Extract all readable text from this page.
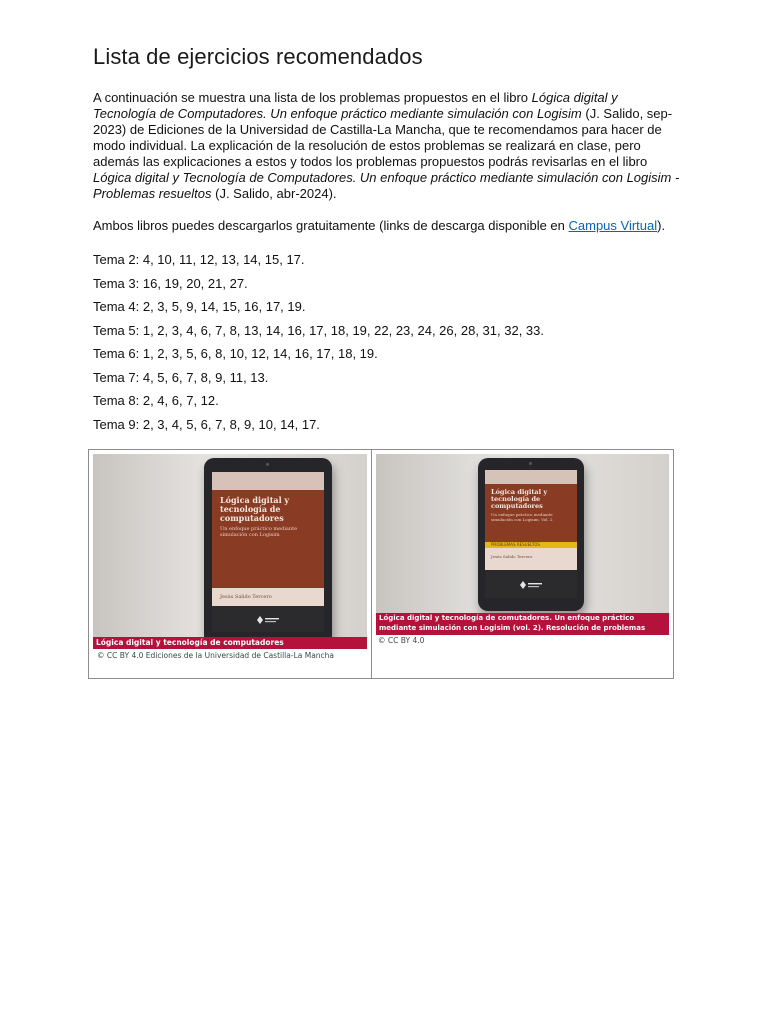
Lista de ejercicios recomendados

A continuación se muestra una lista de los problemas propuestos en el libro Lógica digital y Tecnología de Computadores. Un enfoque práctico mediante simulación con Logisim (J. Salido, sep-2023) de Ediciones de la Universidad de Castilla-La Mancha, que te recomendamos para hacer de modo individual. La explicación de la resolución de estos problemas se realizará en clase, pero además las explicaciones a estos y todos los problemas propuestos podrás revisarlas en el libro Lógica digital y Tecnología de Computadores. Un enfoque práctico mediante simulación con Logisim - Problemas resueltos (J. Salido, abr-2024).

Ambos libros puedes descargarlos gratuitamente (links de descarga disponible en Campus Virtual).

Tema 2: 4, 10, 11, 12, 13, 14, 15, 17.
Tema 3: 16, 19, 20, 21, 27.
Tema 4: 2, 3, 5, 9, 14, 15, 16, 17, 19.
Tema 5: 1, 2, 3, 4, 6, 7, 8, 13, 14, 16, 17, 18, 19, 22, 23, 24, 26, 28, 31, 32, 33.
Tema 6: 1, 2, 3, 5, 6, 8, 10, 12, 14, 16, 17, 18, 19.
Tema 7: 4, 5, 6, 7, 8, 9, 11, 13.
Tema 8: 2, 4, 6, 7, 12.
Tema 9: 2, 3, 4, 5, 6, 7, 8, 9, 10, 14, 17.
Lógica digital y tecnología de computadores
Un enfoque práctico mediante simulación con Logisim
Jesús Salido Tercero
Lógica digital y tecnología de computadores
© CC BY 4.0 Ediciones de la Universidad de Castilla-La Mancha
Lógica digital y tecnología de computadores
Un enfoque práctico mediante simulación con Logisim. Vol. 2
PROBLEMAS RESUELTOS
Jesús Salido Tercero
Lógica digital y tecnología de comutadores. Un enfoque práctico mediante simulación con Logisim (vol. 2). Resolución de problemas
© CC BY 4.0
